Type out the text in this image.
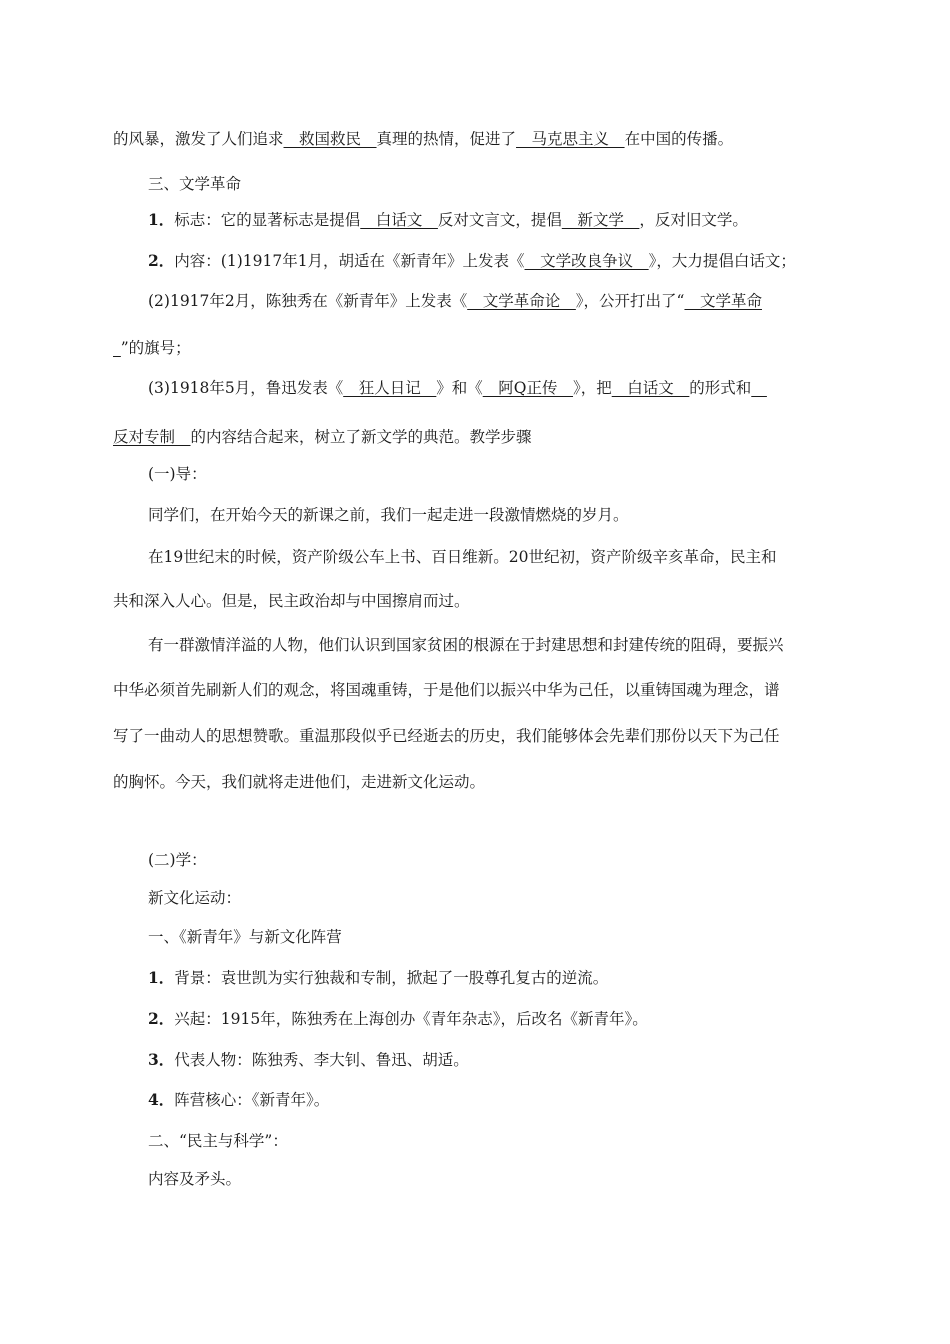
的风暴，激发了人们追求__救国救民__真理的热情，促进了__马克思主义__在中国的传播。
三、文学革命
1．标志：它的显著标志是提倡__白话文__反对文言文，提倡__新文学__，反对旧文学。
2．内容：(1)1917年1月，胡适在《新青年》上发表《__文学改良争议__》，大力提倡白话文；
(2)1917年2月，陈独秀在《新青年》上发表《__文学革命论__》，公开打出了“__文学革命
_”的旗号；
(3)1918年5月，鲁迅发表《__狂人日记__》和《__阿Q正传__》，把__白话文__的形式和__
反对专制__的内容结合起来，树立了新文学的典范。教学步骤
(一)导：
同学们，在开始今天的新课之前，我们一起走进一段激情燃烧的岁月。
在19世纪末的时候，资产阶级公车上书、百日维新。20世纪初，资产阶级辛亥革命，民主和
共和深入人心。但是，民主政治却与中国擦肩而过。
有一群激情洋溢的人物，他们认识到国家贫困的根源在于封建思想和封建传统的阻碍，要振兴
中华必须首先刷新人们的观念，将国魂重铸，于是他们以振兴中华为己任，以重铸国魂为理念，谱
写了一曲动人的思想赞歌。重温那段似乎已经逝去的历史，我们能够体会先辈们那份以天下为己任
的胸怀。今天，我们就将走进他们，走进新文化运动。
(二)学：
新文化运动：
一、《新青年》与新文化阵营
1．背景：袁世凯为实行独裁和专制，掀起了一股尊孔复古的逆流。
2．兴起：1915年，陈独秀在上海创办《青年杂志》，后改名《新青年》。
3．代表人物：陈独秀、李大钊、鲁迅、胡适。
4．阵营核心：《新青年》。
二、“民主与科学”：
内容及矛头。
